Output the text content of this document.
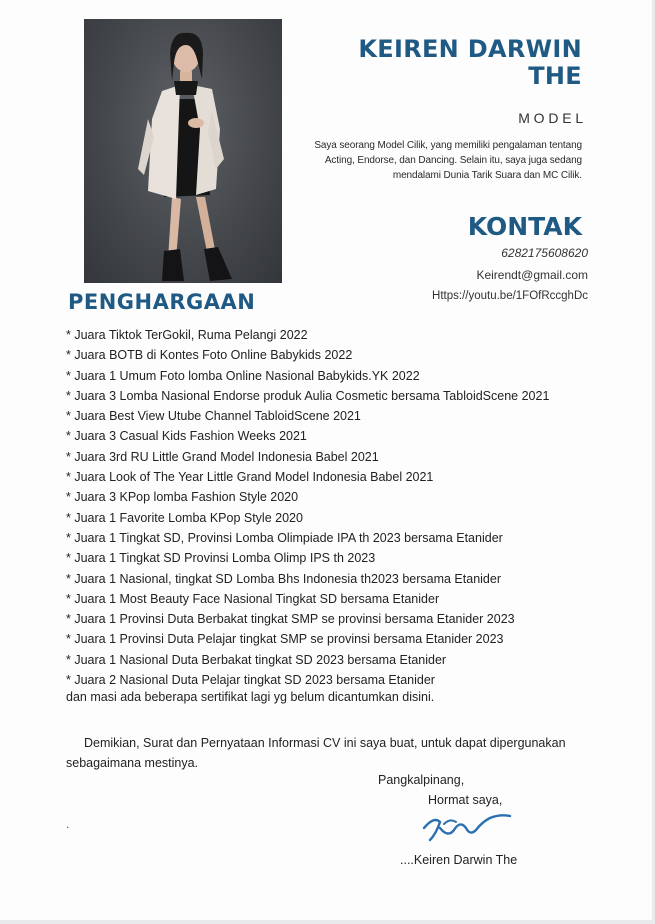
KEIREN DARWIN THE
MODEL
Saya seorang Model Cilik, yang memiliki pengalaman tentang Acting, Endorse, dan Dancing. Selain itu, saya juga sedang mendalami Dunia Tarik Suara dan MC Cilik.
KONTAK
6282175608620
Keirendt@gmail.com
Https://youtu.be/1FOfRccghDc
PENGHARGAAN
* Juara Tiktok TerGokil, Ruma Pelangi 2022
* Juara BOTB di Kontes Foto Online Babykids 2022
* Juara 1 Umum Foto lomba Online Nasional Babykids.YK 2022
* Juara 3 Lomba Nasional Endorse produk Aulia Cosmetic bersama TabloidScene 2021
* Juara Best View Utube Channel TabloidScene 2021
* Juara 3 Casual Kids Fashion Weeks 2021
* Juara 3rd RU Little Grand Model Indonesia Babel 2021
* Juara Look of The Year Little Grand Model Indonesia Babel 2021
* Juara 3 KPop lomba Fashion Style 2020
* Juara 1 Favorite Lomba KPop Style 2020
* Juara 1 Tingkat SD, Provinsi Lomba Olimpiade IPA th 2023 bersama Etanider
* Juara 1 Tingkat SD Provinsi Lomba Olimp IPS th 2023
* Juara 1 Nasional, tingkat SD Lomba Bhs Indonesia th2023 bersama Etanider
* Juara 1 Most Beauty Face Nasional Tingkat SD bersama Etanider
* Juara 1 Provinsi Duta Berbakat tingkat SMP se provinsi bersama Etanider 2023
* Juara 1 Provinsi Duta Pelajar tingkat SMP se provinsi bersama Etanider 2023
* Juara 1 Nasional Duta Berbakat tingkat SD 2023 bersama Etanider
* Juara 2 Nasional Duta Pelajar tingkat SD 2023 bersama Etanider
dan masi ada beberapa sertifikat lagi yg belum dicantumkan disini.
Demikian, Surat dan Pernyataan Informasi CV ini saya buat, untuk dapat dipergunakan sebagaimana mestinya.
Pangkalpinang,
Hormat saya,
....Keiren Darwin The
.
